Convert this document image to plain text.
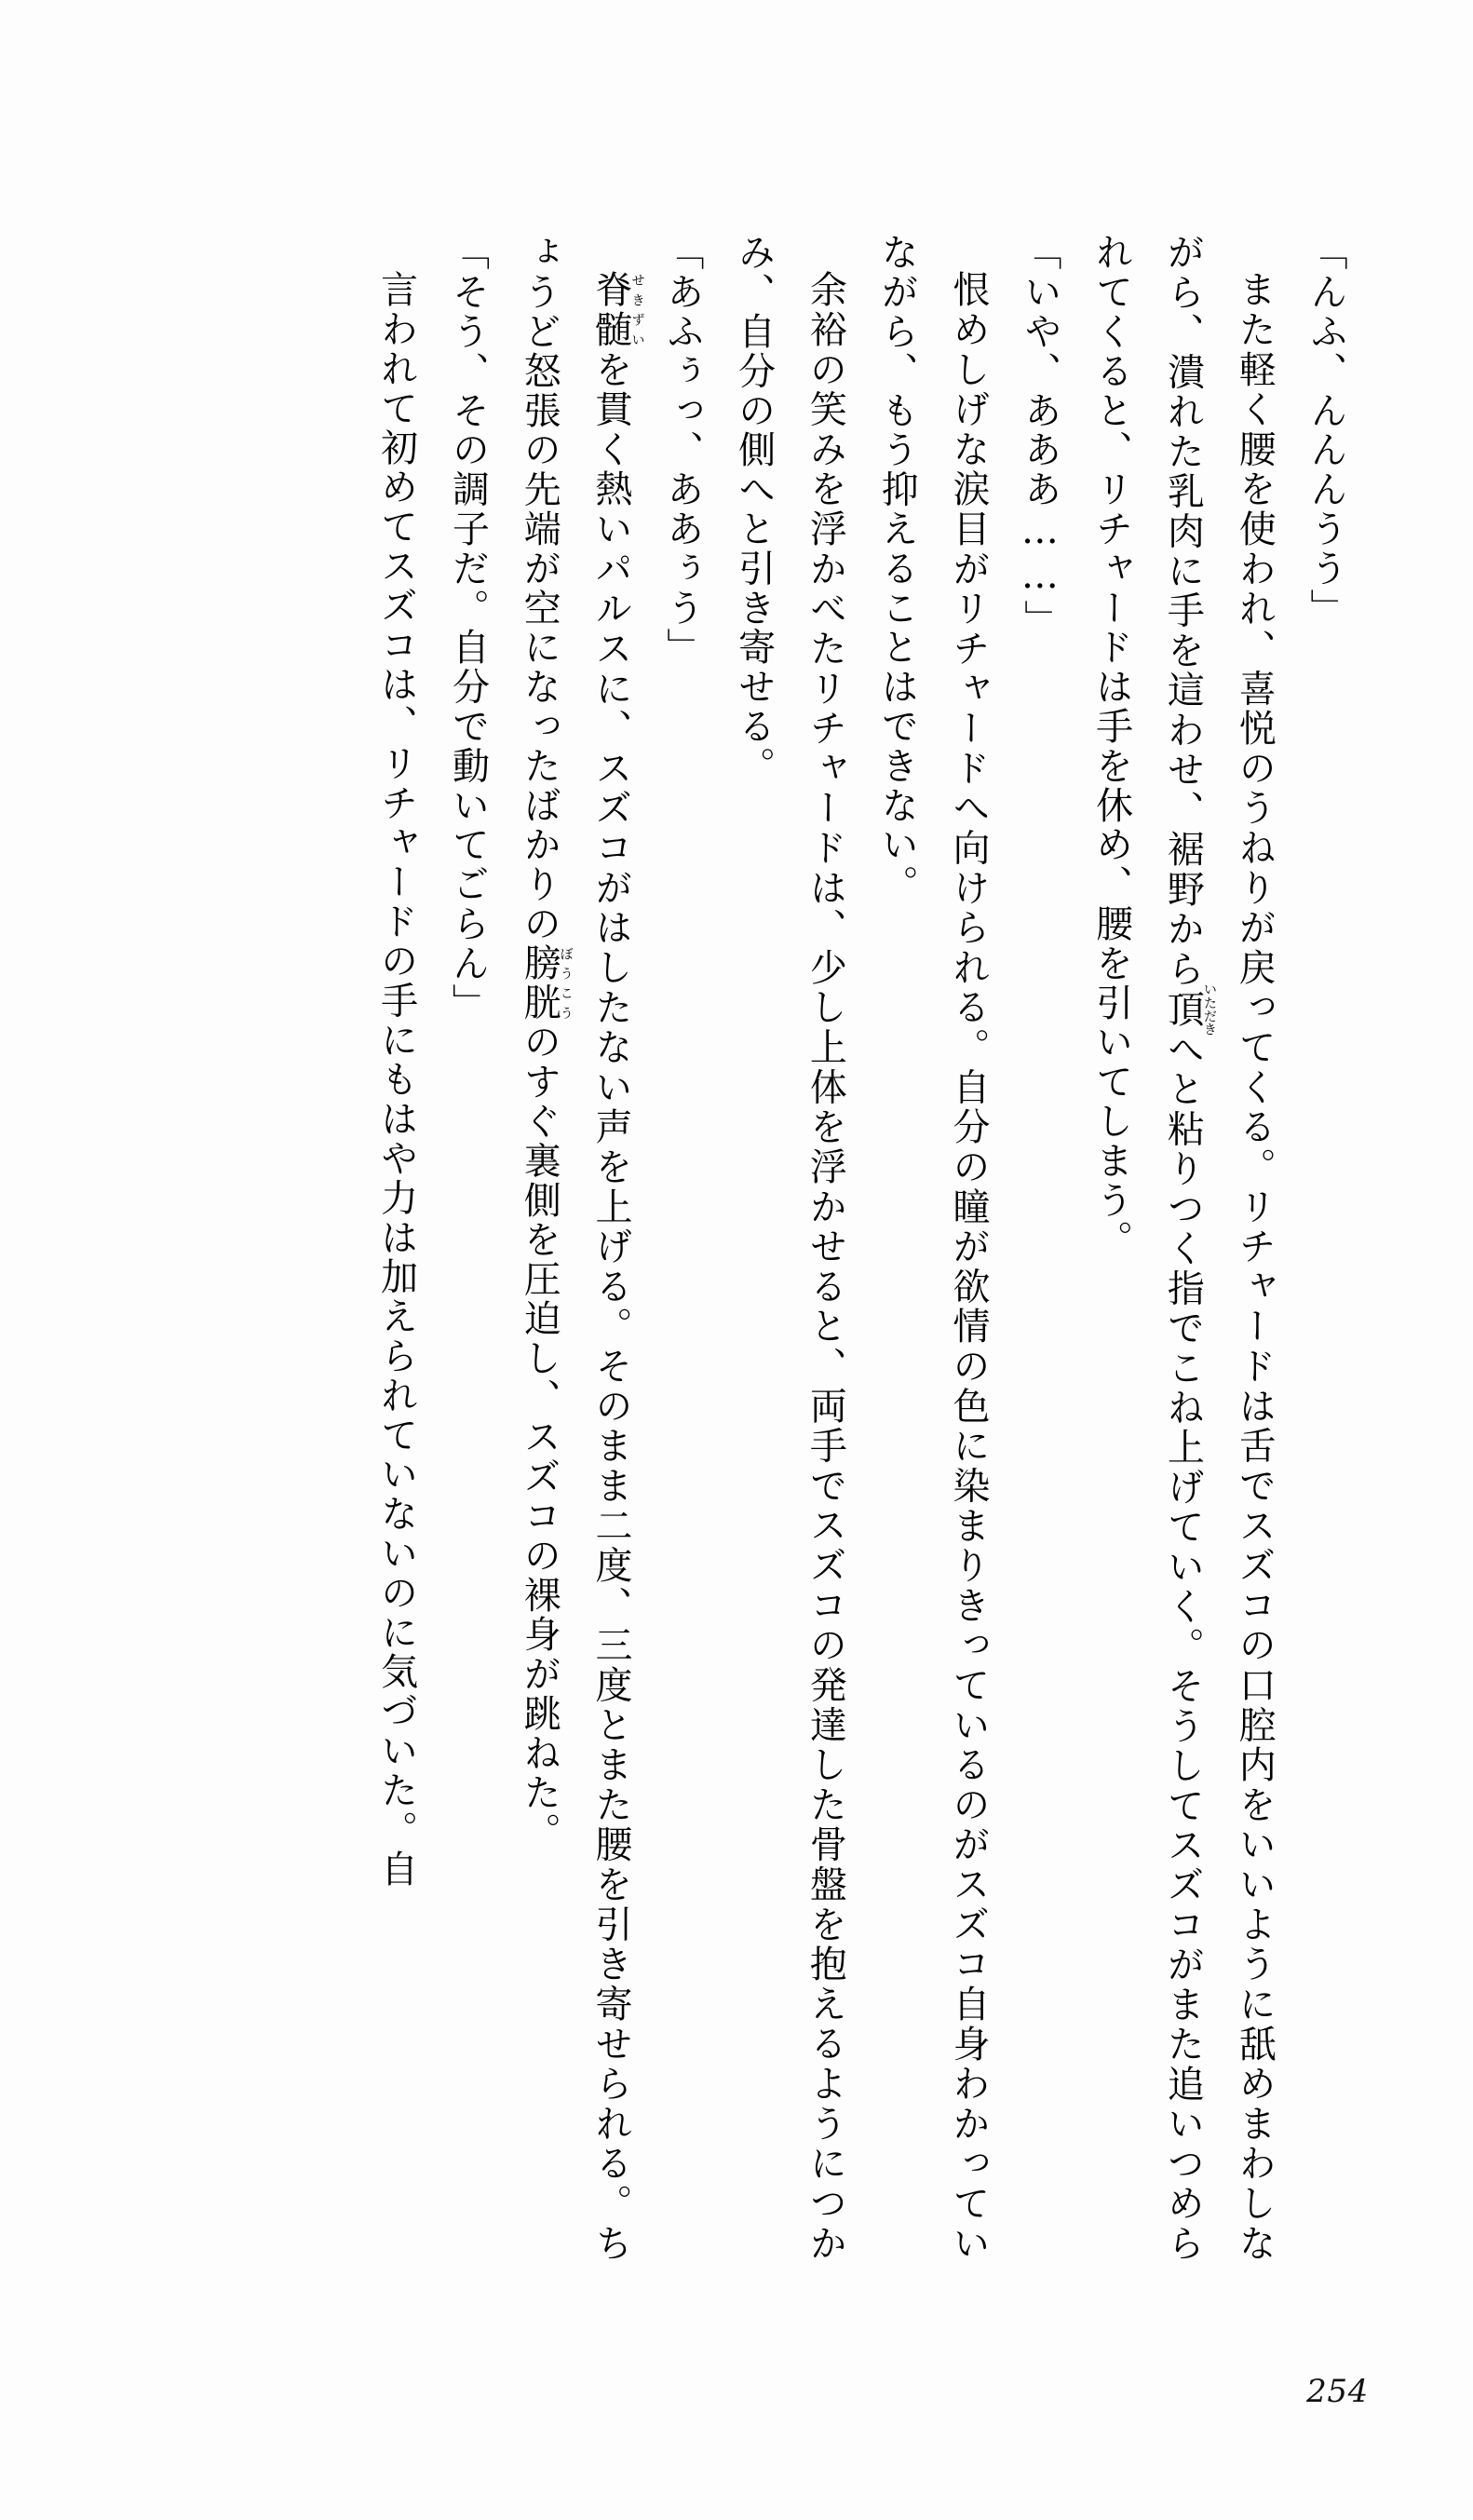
「んふ、んんんうう」

また軽く腰を使われ、喜悦のうねりが戻ってくる。リチャードは舌でスズコの口腔内をいいように舐めまわしながら、潰れた乳肉に手を這わせ、裾野から頂いただきへと粘りつく指でこね上げていく。そうしてスズコがまた追いつめられてくると、リチャードは手を休め、腰を引いてしまう。

「いや、あああ……」

恨めしげな涙目がリチャードへ向けられる。自分の瞳が欲情の色に染まりきっているのがスズコ自身わかっていながら、もう抑えることはできない。

余裕の笑みを浮かべたリチャードは、少し上体を浮かせると、両手でスズコの発達した骨盤を抱えるようにつかみ、自分の側へと引き寄せる。

「あふぅっ、ああぅう」

脊髄せきずいを貫く熱いパルスに、スズコがはしたない声を上げる。そのまま二度、三度とまた腰を引き寄せられる。ちょうど怒張の先端が空になったばかりの膀胱ぼうこうのすぐ裏側を圧迫し、スズコの裸身が跳ねた。

「そう、その調子だ。自分で動いてごらん」

言われて初めてスズコは、リチャードの手にもはや力は加えられていないのに気づいた。自

254
